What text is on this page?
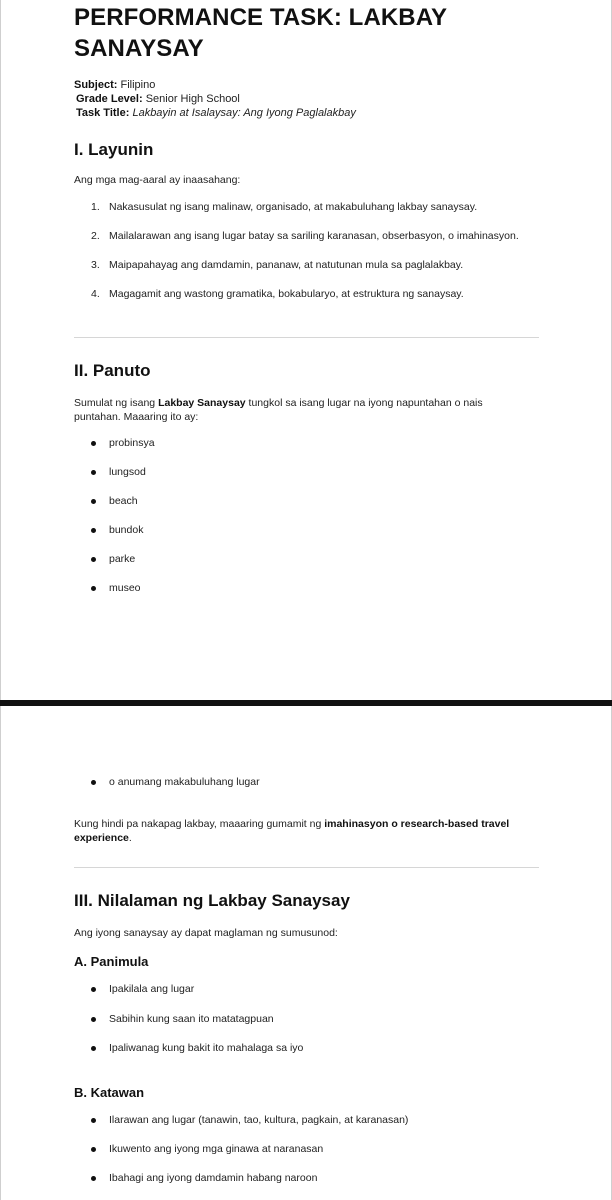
PERFORMANCE TASK: LAKBAY SANAYSAY
Subject: Filipino
Grade Level: Senior High School
Task Title: Lakbayin at Isalaysay: Ang Iyong Paglalakbay
I. Layunin
Ang mga mag-aaral ay inaasahang:
1. Nakasusulat ng isang malinaw, organisado, at makabuluhang lakbay sanaysay.
2. Mailalarawan ang isang lugar batay sa sariling karanasan, obserbasyon, o imahinasyon.
3. Maipapahayag ang damdamin, pananaw, at natutunan mula sa paglalakbay.
4. Magagamit ang wastong gramatika, bokabularyo, at estruktura ng sanaysay.
II. Panuto
Sumulat ng isang Lakbay Sanaysay tungkol sa isang lugar na iyong napuntahan o nais puntahan. Maaaring ito ay:
probinsya
lungsod
beach
bundok
parke
museo
o anumang makabuluhang lugar
Kung hindi pa nakapag lakbay, maaaring gumamit ng imahinasyon o research-based travel experience.
III. Nilalaman ng Lakbay Sanaysay
Ang iyong sanaysay ay dapat maglaman ng sumusunod:
A. Panimula
Ipakilala ang lugar
Sabihin kung saan ito matatagpuan
Ipaliwanag kung bakit ito mahalaga sa iyo
B. Katawan
Ilarawan ang lugar (tanawin, tao, kultura, pagkain, at karanasan)
Ikuwento ang iyong mga ginawa at naranasan
Ibahagi ang iyong damdamin habang naroon
